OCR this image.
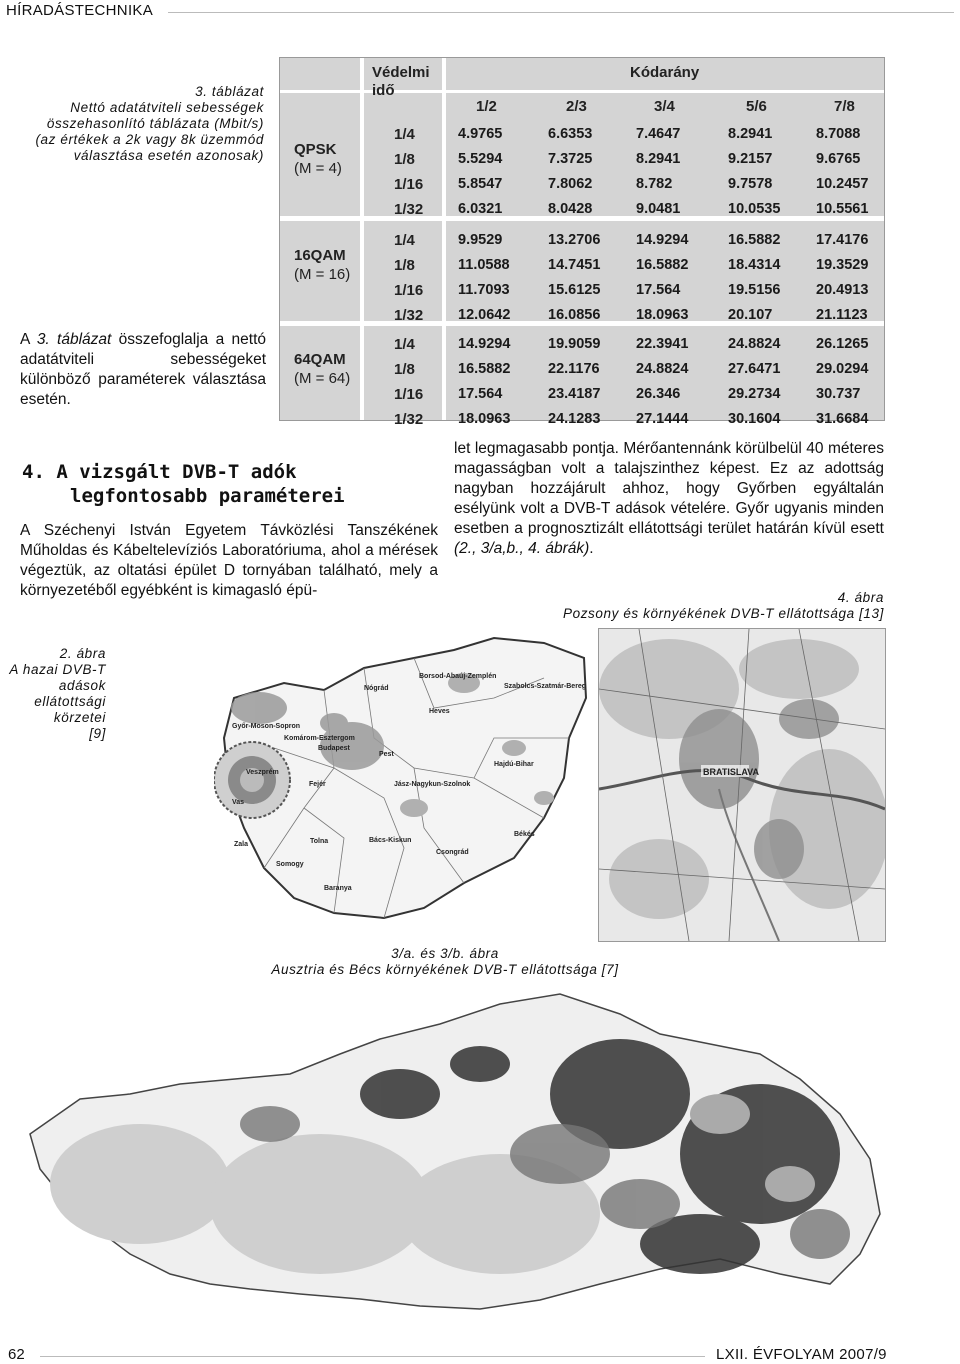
HÍRADÁSTECHNIKA
3. táblázat
Nettó adatátviteli sebességek
összehasonlító táblázata (Mbit/s)
(az értékek a 2k vagy 8k üzemmód
választása esetén azonosak)
Védelmi
idő
Kódarány
1/2	2/3	3/4	5/6	7/8
QPSK
(M = 4)
1/4	4.9765	6.6353	7.4647	8.2941	8.7088
1/8	5.5294	7.3725	8.2941	9.2157	9.6765
1/16 5.8547	7.8062	8.782	9.7578	10.2457
1/32 6.0321	8.0428	9.0481	10.0535 10.5561
16QAM
(M = 16)
1/4	9.9529	13.2706 14.9294	16.5882 17.4176
1/8	11.0588	14.7451 16.5882	18.4314 19.3529
1/16 11.7093	15.6125 17.564	19.5156 20.4913
1/32 12.0642	16.0856 18.0963	20.107	21.1123
64QAM
(M = 64)
1/4	14.9294	19.9059 22.3941	24.8824 26.1265
1/8	16.5882	22.1176	24.8824	27.6471 29.0294
1/16 17.564	23.4187 26.346	29.2734 30.737
1/32 18.0963	24.1283 27.1444	30.1604 31.6684
A 3. táblázat összefoglalja a nettó adatátviteli sebességeket különböző paraméterek választása esetén.
4. A vizsgált DVB-T adók
legfontosabb paraméterei
A Széchenyi István Egyetem Távközlési Tanszékének Műholdas és Kábeltelevíziós Laboratóriuma, ahol a mérések végeztük, az oltatási épület D tornyában található, mely a környezetéből egyébként is kimagasló épü-
let legmagasabb pontja. Mérőantennánk körülbelül 40 méteres magasságban volt a talajszinthez képest. Ez az adottság nagyban hozzájárult ahhoz, hogy Győrben egyáltalán esélyünk volt a DVB-T adások vételére. Győr ugyanis minden esetben a prognosztizált ellátottsági terület határán kívül esett (2., 3/a,b., 4. ábrák).
4. ábra
Pozsony és környékének DVB-T ellátottsága [13]
2. ábra
A hazai DVB-T
adások
ellátottsági
körzetei
[9]
Borsod-Abaúj-Zemplén
Szabolcs-Szatmár-Bereg
Nógrád
Heves
Győr-Moson-Sopron
Komárom-Esztergom
Budapest
Pest
Hajdú-Bihar
Jász-Nagykun-Szolnok
Veszprém
Fejér
Vas
Zala
Békés
Bács-Kiskun
Tolna
Somogy
Csongrád
Baranya
BRATISLAVA
3/a. és 3/b. ábra
Ausztria és Bécs környékének DVB-T ellátottsága [7]
62	LXII. ÉVFOLYAM 2007/9
